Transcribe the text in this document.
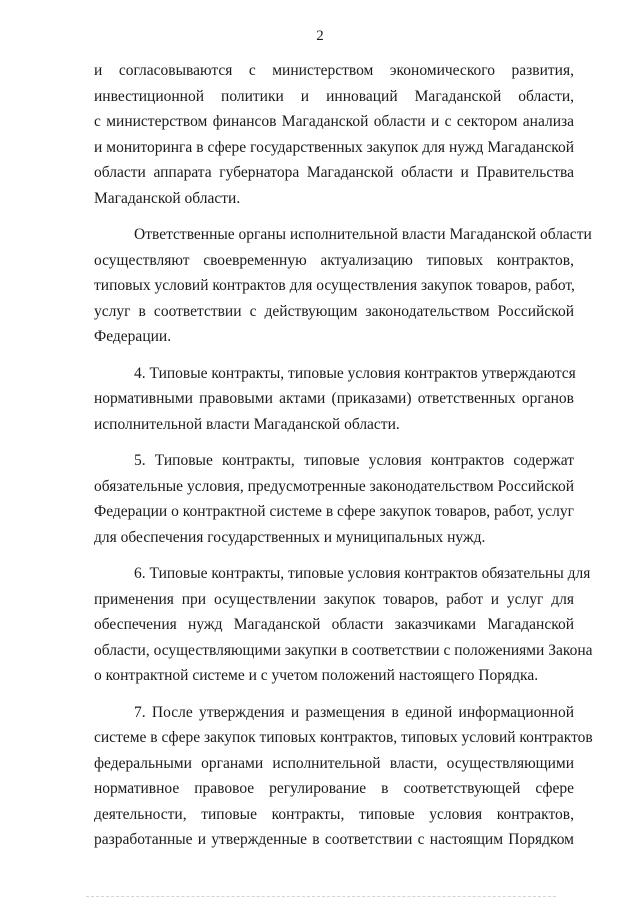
2
и согласовываются с министерством экономического развития,
инвестиционной политики и инноваций Магаданской области,
с министерством финансов Магаданской области и с сектором анализа
и мониторинга в сфере государственных закупок для нужд Магаданской
области аппарата губернатора Магаданской области и Правительства
Магаданской области.
Ответственные органы исполнительной власти Магаданской области
осуществляют своевременную актуализацию типовых контрактов,
типовых условий контрактов для осуществления закупок товаров, работ,
услуг в соответствии с действующим законодательством Российской
Федерации.
4. Типовые контракты, типовые условия контрактов утверждаются
нормативными правовыми актами (приказами) ответственных органов
исполнительной власти Магаданской области.
5. Типовые контракты, типовые условия контрактов содержат
обязательные условия, предусмотренные законодательством Российской
Федерации о контрактной системе в сфере закупок товаров, работ, услуг
для обеспечения государственных и муниципальных нужд.
6. Типовые контракты, типовые условия контрактов обязательны для
применения при осуществлении закупок товаров, работ и услуг для
обеспечения нужд Магаданской области заказчиками Магаданской
области, осуществляющими закупки в соответствии с положениями Закона
о контрактной системе и с учетом положений настоящего Порядка.
7. После утверждения и размещения в единой информационной
системе в сфере закупок типовых контрактов, типовых условий контрактов
федеральными органами исполнительной власти, осуществляющими
нормативное правовое регулирование в соответствующей сфере
деятельности, типовые контракты, типовые условия контрактов,
разработанные и утвержденные в соответствии с настоящим Порядком
